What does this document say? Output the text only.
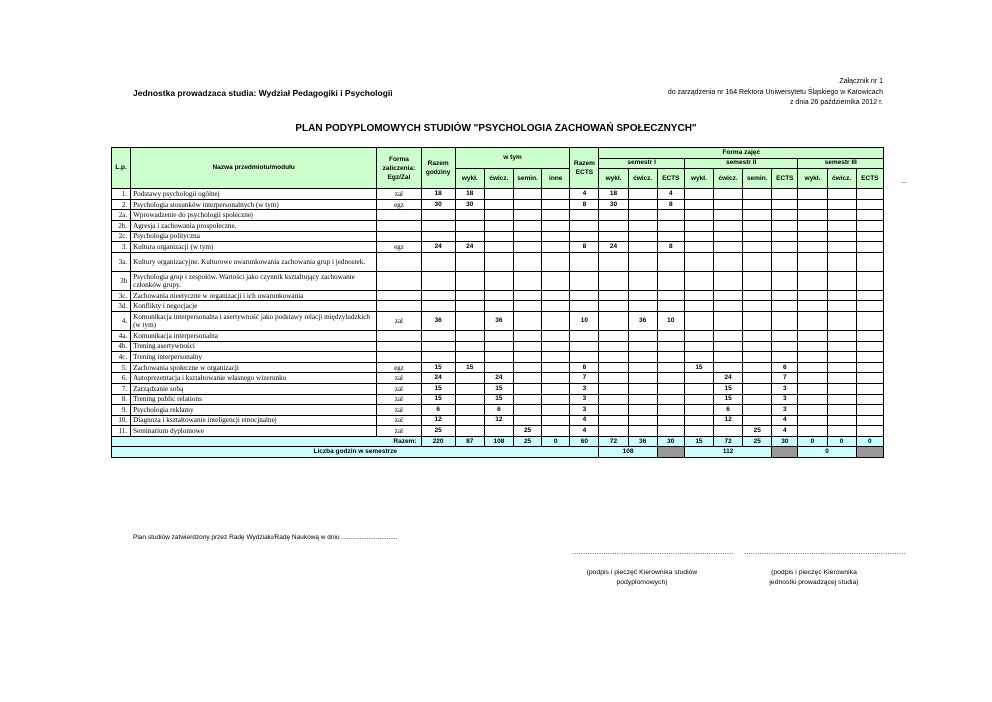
Jednostka prowadzaca studia: Wydział Pedagogiki i Psychologii
Załącznik nr 1
do zarządzenia nr 164 Rektora Uniwersytetu Śląskiego w Katowicach
z dnia 26 października 2012 r.
PLAN PODYPLOMOWYCH STUDIÓW "PSYCHOLOGIA ZACHOWAŃ SPOŁECZNYCH"
L.p.	Nazwa przedmiotu/modułu	Forma zaliczenia: Egz/Zal	Razem godziny	w tym				Razem ECTS	Forma zajęć									
									semestr I			semestr II				semestr III		
				wykł.	ćwicz.	semin.	inne		wykł.	ćwicz.	ECTS	wykł.	ćwicz.	semin.	ECTS	wykł.	ćwicz.	ECTS
1.	Podstawy psychologii ogólnej	zal	18	18				4	18		4							
2.	Psychologia stosunków interpersonalnych (w tym)	egz	30	30				8	30		8							
2a.	Wprowadzenie do psychologii społecznej																	
2b.	Agresja i zachowania prospołeczne.																	
2c.	Psychologia polityczna																	
3.	Kultura organizacji (w tym)	egz	24	24				8	24		8							
3a.	Kultury organizacyjne. Kulturowe uwarunkowania zachowania grup i jednostek.																	
3b	Psychologia grup i zespołów. Wartości jako czynnik kształtujący zachowanie członków grupy.																	
3c.	Zachowania nieetyczne w organizacji i ich uwarunkowania																	
3d.	Konflikty i negocjacje																	
4.	Komunikacja interpersonalna i asertywność jako podstawy relacji międzyludzkich (w tym)	zal	36		36			10		36	10							
4a.	Komunikacja interpersonalna																	
4b.	Trening asertywności																	
4c.	Trening interpersonalny																	
5.	Zachowania społeczne w organizacji	egz	15	15				6				15			6			
6.	Autoprezentacja i kształtowanie własnego wizerunku	zal	24		24			7					24		7			
7.	Zarządzanie sobą	zal	15		15			3					15		3			
8.	Trening public relations	zal	15		15			3					15		3			
9.	Psychologia reklamy	zal	6		6			3					6		3			
10.	Diagnoza i kształtowanie inteligencji emocjnalnej	zal	12		12			4					12		4			
11.	Seminarium dyplomowe	zal	25			25		4						25	4			
Razem:			220	87	108	25	0	60	72	36	30	15	72	25	30	0	0	0
Liczba godzin w semestrze									108			112				0		
...
Plan studiów zatwierdzony przez Radę Wydziału/Radę Naukową w dniu ...............................
........................................................................ ........................................................................
(podpis i pieczęć Kierownika studiów
podyplomowych)
(podpis i pieczęć Kierownika
jednostki prowadzącej studia)
